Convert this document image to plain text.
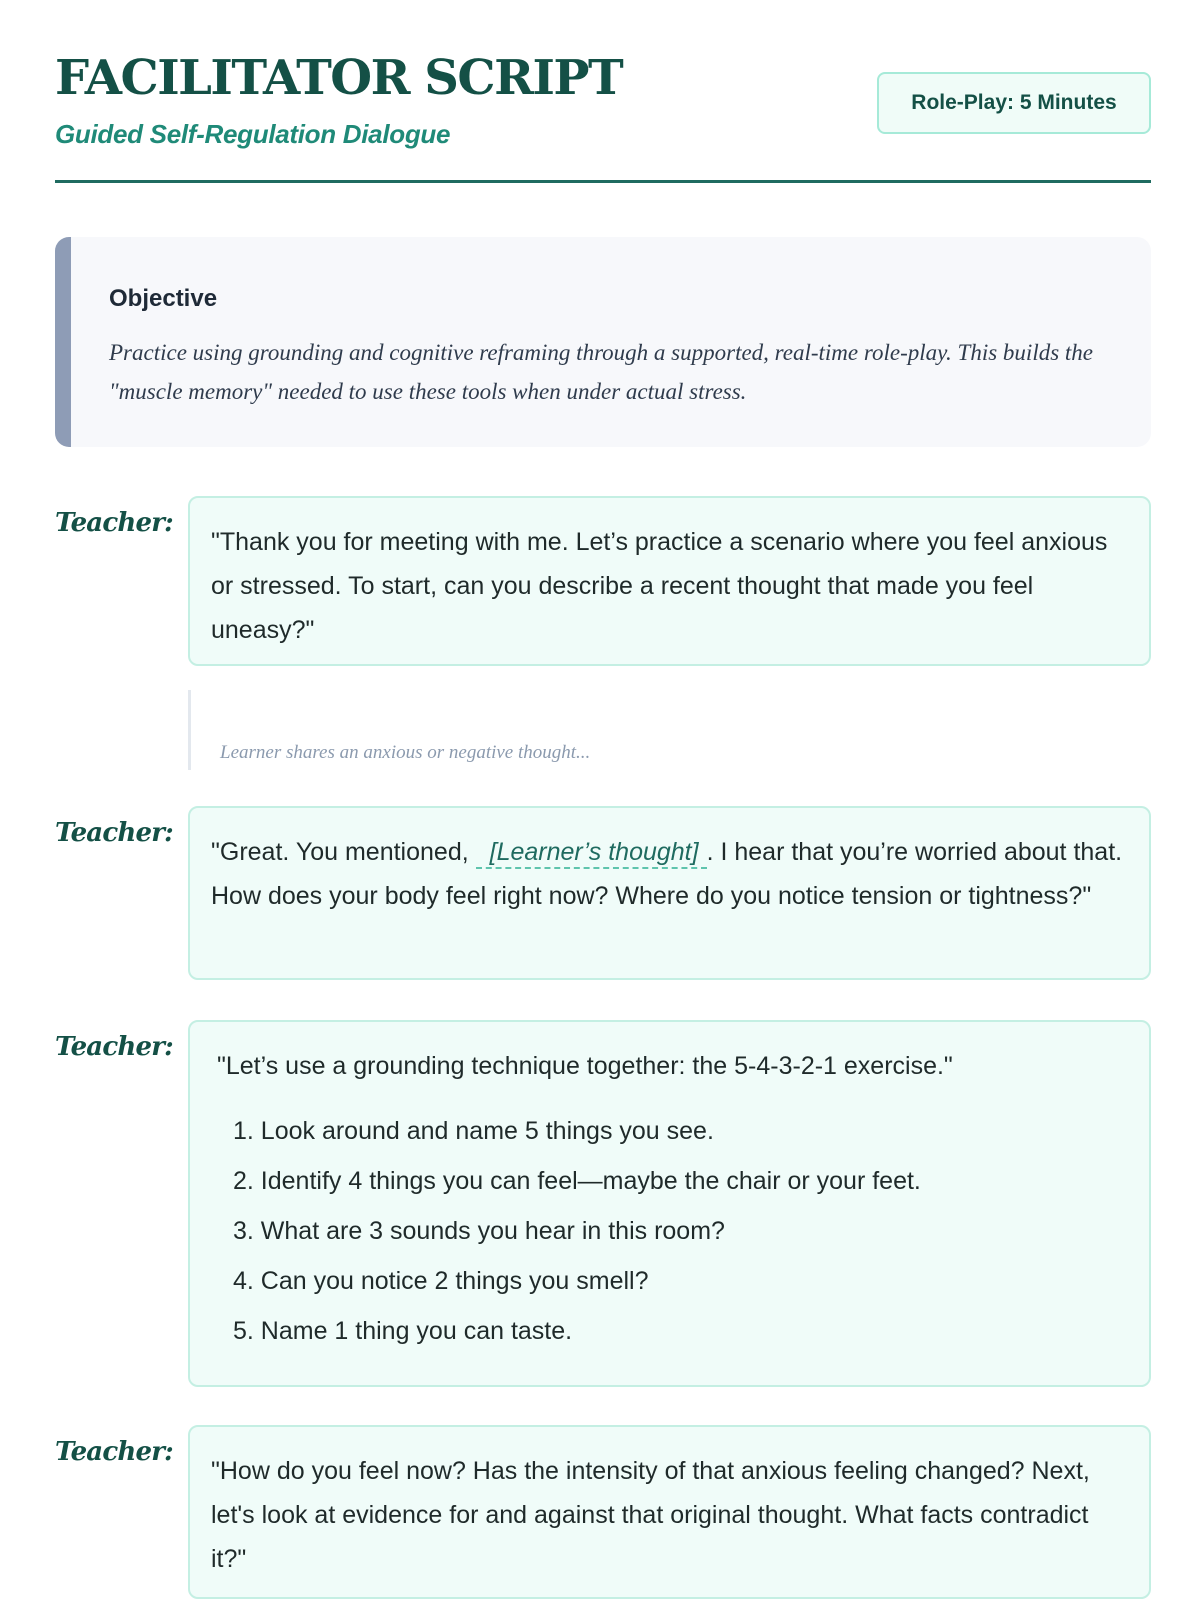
FACILITATOR SCRIPT
Guided Self-Regulation Dialogue
Role-Play: 5 Minutes
Objective

Practice using grounding and cognitive reframing through a supported, real-time role-play. This builds the "muscle memory" needed to use these tools when under actual stress.

Teacher:
"Thank you for meeting with me. Let’s practice a scenario where you feel anxious or stressed. To start, can you describe a recent thought that made you feel uneasy?"
Learner shares an anxious or negative thought...
Teacher:
"Great. You mentioned, [Learner’s thought] . I hear that you’re worried about that. How does your body feel right now? Where do you notice tension or tightness?"
Teacher:
"Let’s use a grounding technique together: the 5-4-3-2-1 exercise."
1. Look around and name 5 things you see.
2. Identify 4 things you can feel—maybe the chair or your feet.
3. What are 3 sounds you hear in this room?
4. Can you notice 2 things you smell?
5. Name 1 thing you can taste.
Teacher:
"How do you feel now? Has the intensity of that anxious feeling changed? Next, let's look at evidence for and against that original thought. What facts contradict it?"
